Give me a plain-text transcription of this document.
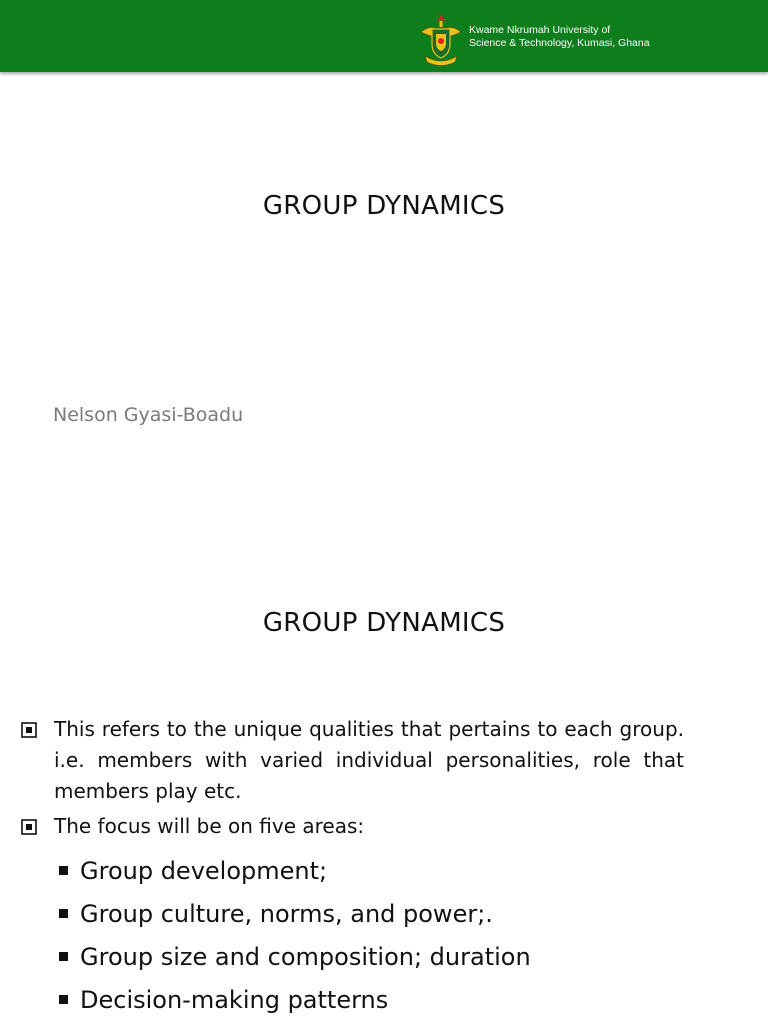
Kwame Nkrumah University of
Science & Technology, Kumasi, Ghana
GROUP DYNAMICS
Nelson Gyasi-Boadu
GROUP DYNAMICS
This refers to the unique qualities that pertains to each group. i.e. members with varied individual personalities, role that members play etc.
The focus will be on five areas:
Group development;
Group culture, norms, and power;.
Group size and composition; duration
Decision-making patterns
